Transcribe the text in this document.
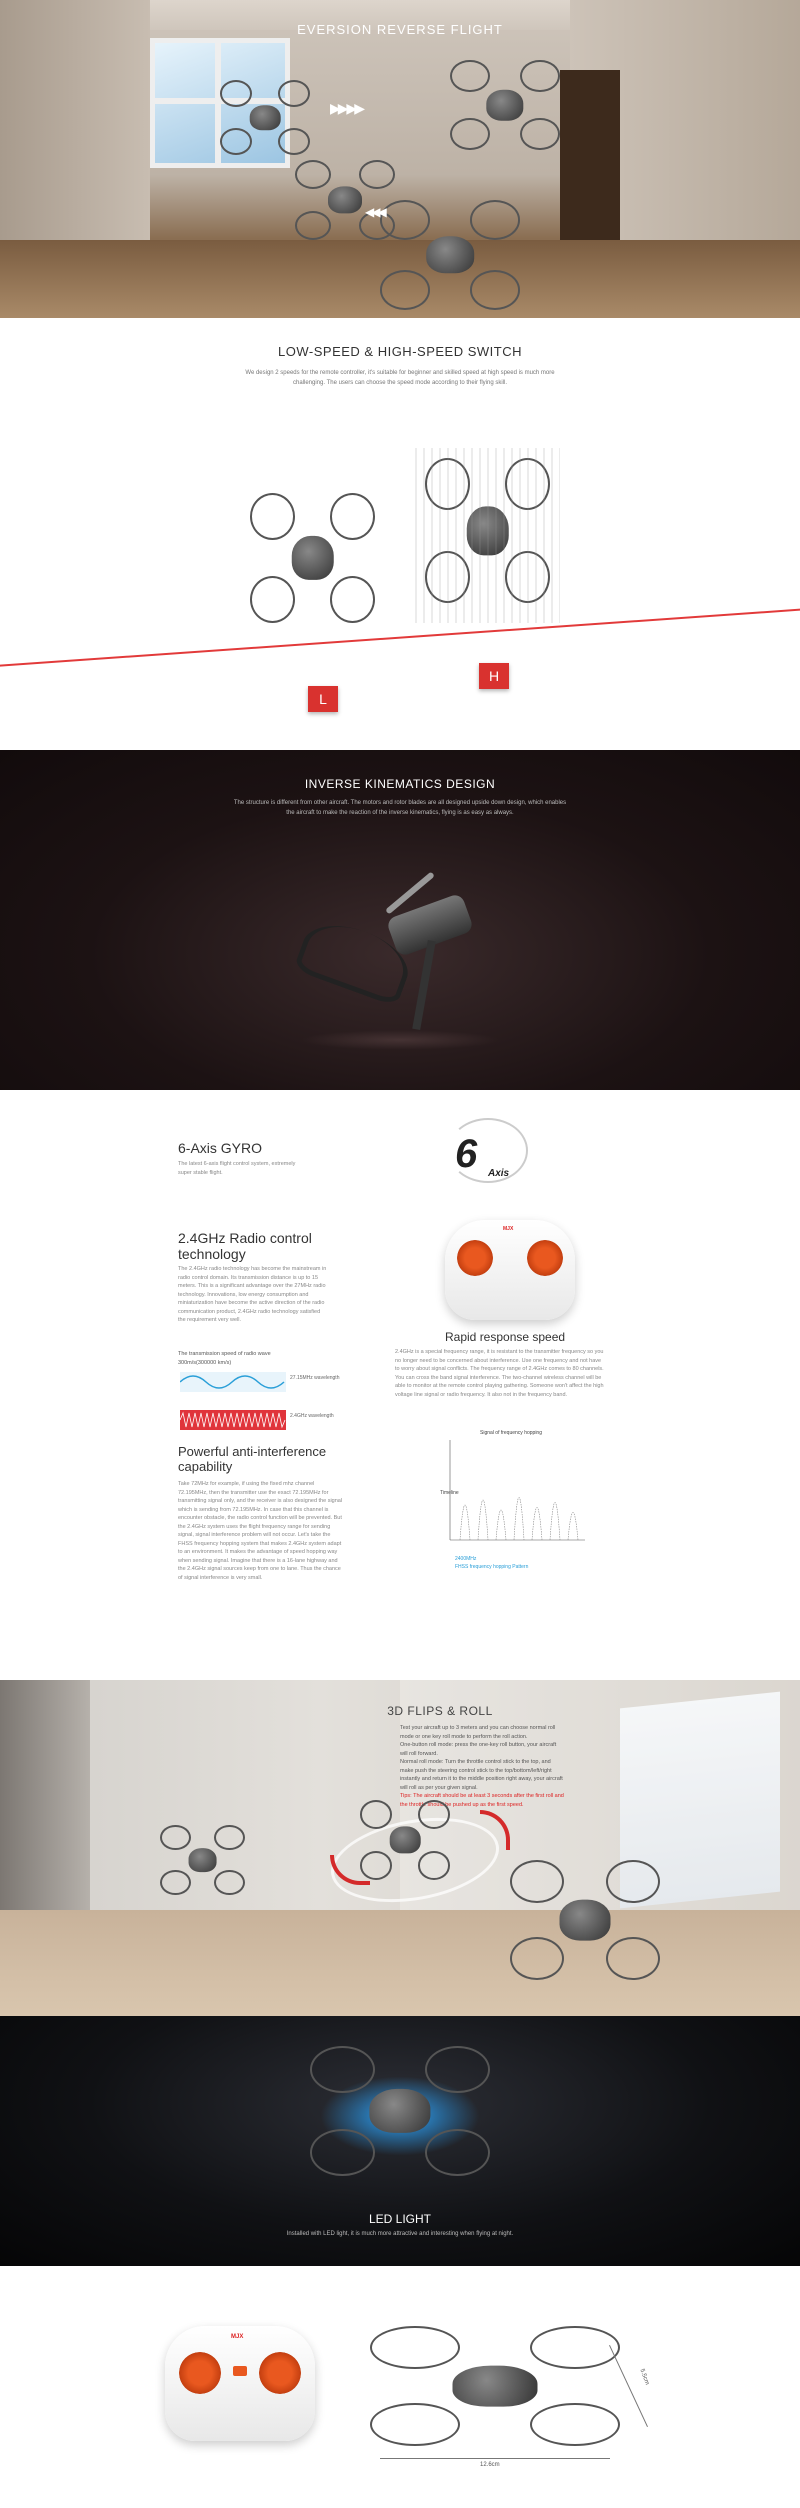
EVERSION REVERSE FLIGHT
▶▶ ▶▶
◀◀◀
LOW-SPEED & HIGH-SPEED SWITCH

We design 2 speeds for the remote controller, it's suitable for beginner and skilled speed at high speed is much more challenging. The users can choose the speed mode according to their flying skill.

L
H
INVERSE KINEMATICS DESIGN

The structure is different from other aircraft. The motors and rotor blades are all designed upside down design, which enables the aircraft to make the reaction of the inverse kinematics, flying is as easy as always.

6-Axis GYRO
The latest 6-axis flight control system, extremely super stable flight.	6	Axis
2.4GHz Radio control technology
The 2.4GHz radio technology has become the mainstream in radio control domain. Its transmission distance is up to 15 meters. This is a significant advantage over the 27MHz radio technology. Innovations, low energy consumption and miniaturization have become the active direction of the radio communication product, 2.4GHz radio technology satisfied the requirement very well.
The transmission speed of radio wave 300m/s(300000 km/s)
27.15MHz wavelength
2.4GHz wavelength
Powerful anti-interference capability
Take 72MHz for example, if using the fixed mhz channel 72.195MHz, then the transmitter use the exact 72.195MHz for transmitting signal only, and the receiver is also designed the signal which is sending from 72.195MHz. In case that this channel is encounter obstacle, the radio control function will be prevented. But the 2.4GHz system uses the flight frequency range for sending signal, signal interference problem will not occur. Let's take the FHSS frequency hopping system that makes 2.4GHz system adapt to an environment. It makes the advantage of speed hopping way when sending signal. Imagine that there is a 16-lane highway and the 2.4GHz signal sources keep from one to lane. Thus the chance of signal interference is very small.
MJX
Rapid response speed
2.4GHz is a special frequency range, it is resistant to the transmitter frequency so you no longer need to be concerned about interference. Use one frequency and not have to worry about signal conflicts. The frequency range of 2.4GHz comes to 80 channels. You can cross the band signal interference. The two-channel wireless channel will be able to monitor at the remote control playing gathering. Someone won't affect the high voltage line signal or radio frequency. It also not in the frequency band.
Signal of frequency hopping
Timeline
2400MHz
FHSS frequency hopping Pattern
3D FLIPS & ROLL
Test your aircraft up to 3 meters and you can choose normal roll mode or one key roll mode to perform the roll action.
One-button roll mode: press the one-key roll button, your aircraft will roll forward.
Normal roll mode: Turn the throttle control stick to the top, and make push the steering control stick to the top/bottom/left/right instantly and return it to the middle position right away, your aircraft will roll as per your given signal.
Tips: The aircraft should be at least 3 seconds after the first roll and the throttle should be pushed up as the first speed.
LED LIGHT

Installed with LED light, it is much more attractive and interesting when flying at night.

MJX
12.6cm
5.5cm
